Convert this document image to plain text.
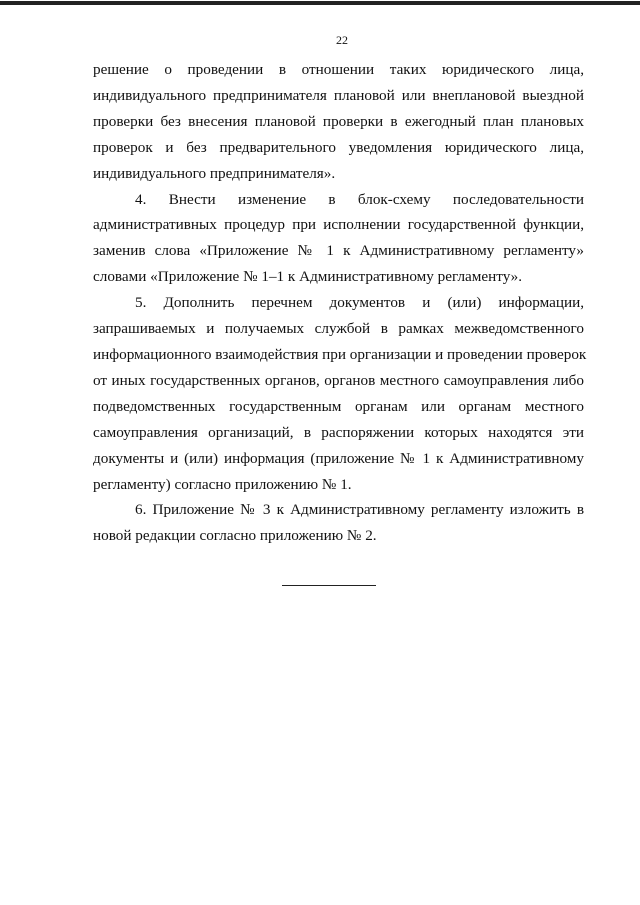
22
решение о проведении в отношении таких юридического лица,
индивидуального предпринимателя плановой или внеплановой выездной
проверки без внесения плановой проверки в ежегодный план плановых
проверок и без предварительного уведомления юридического лица,
индивидуального предпринимателя».
4. Внести изменение в блок-схему последовательности
административных процедур при исполнении государственной функции,
заменив слова «Приложение № 1 к Административному регламенту»
словами «Приложение № 1–1 к Административному регламенту».
5. Дополнить перечнем документов и (или) информации,
запрашиваемых и получаемых службой в рамках межведомственного
информационного взаимодействия при организации и проведении проверок
от иных государственных органов, органов местного самоуправления либо
подведомственных государственным органам или органам местного
самоуправления организаций, в распоряжении которых находятся эти
документы и (или) информация (приложение № 1 к Административному
регламенту) согласно приложению № 1.
6. Приложение № 3 к Административному регламенту изложить в
новой редакции согласно приложению № 2.
